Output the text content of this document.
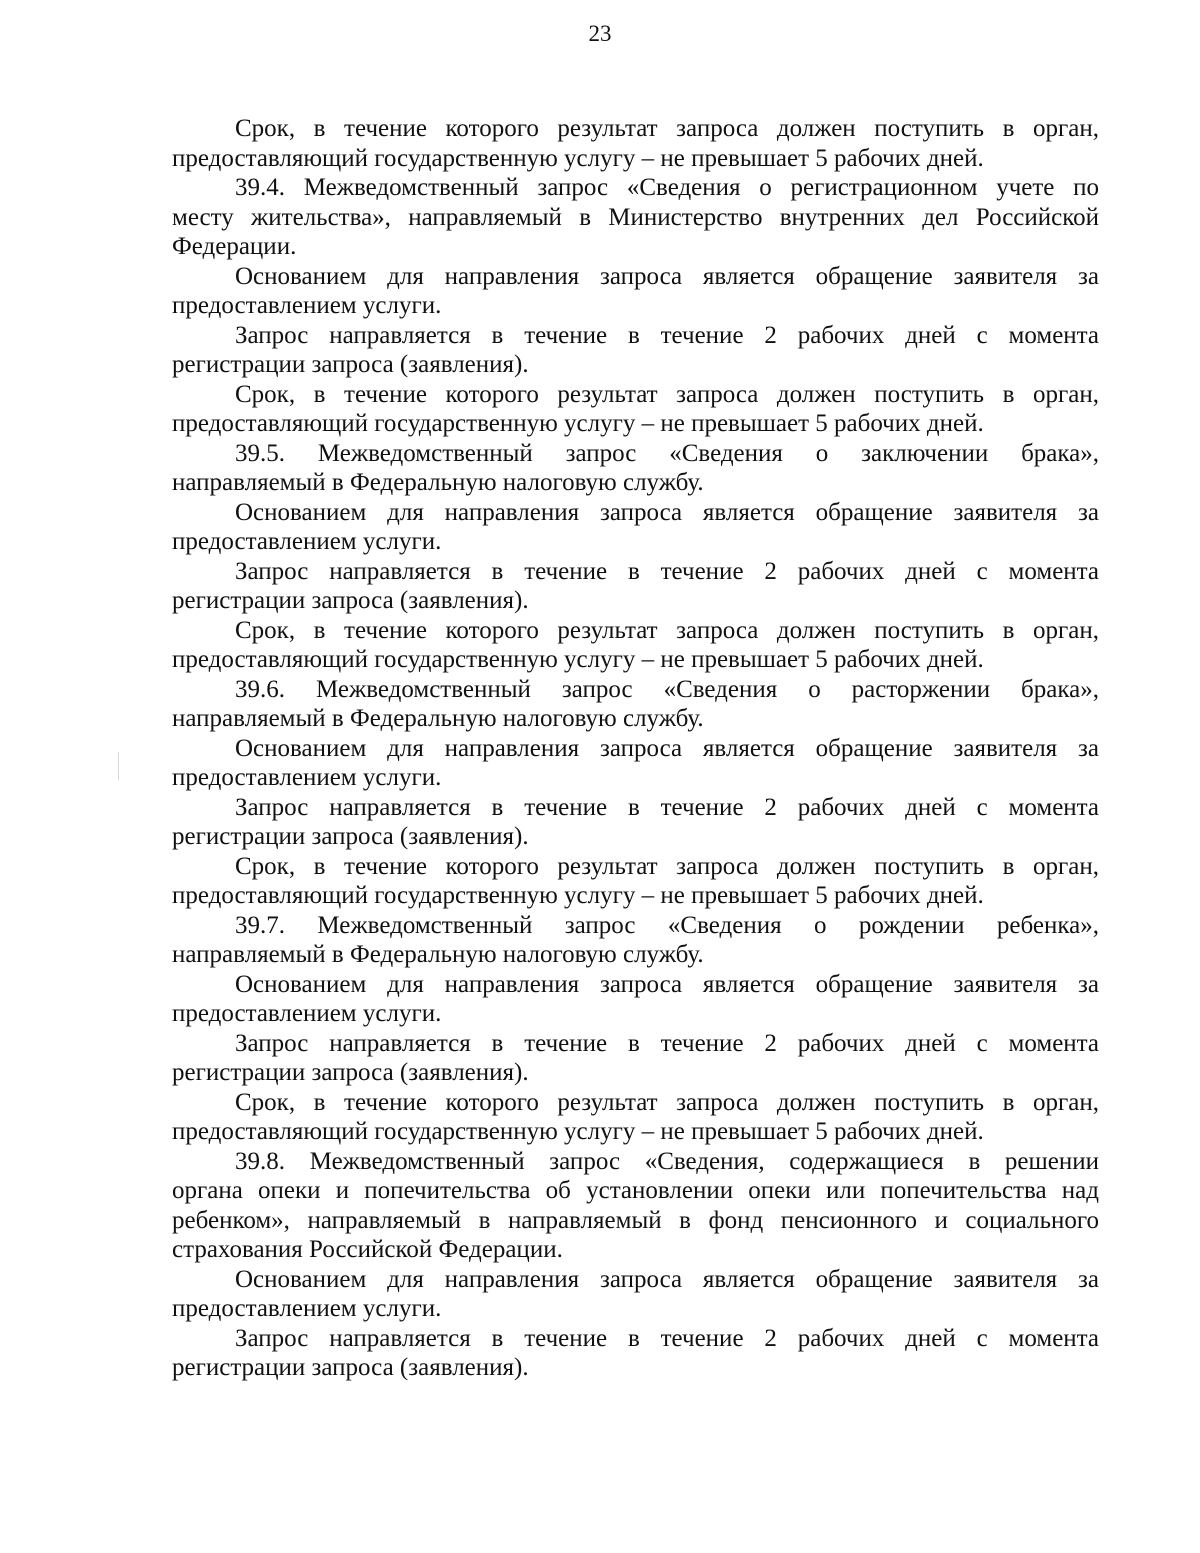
23
Срок, в течение которого результат запроса должен поступить в орган,
предоставляющий государственную услугу – не превышает 5 рабочих дней.
39.4. Межведомственный запрос «Сведения о регистрационном учете по
месту жительства», направляемый в Министерство внутренних дел Российской
Федерации.
Основанием для направления запроса является обращение заявителя за
предоставлением услуги.
Запрос направляется в течение в течение 2 рабочих дней с момента
регистрации запроса (заявления).
Срок, в течение которого результат запроса должен поступить в орган,
предоставляющий государственную услугу – не превышает 5 рабочих дней.
39.5. Межведомственный запрос «Сведения о заключении брака»,
направляемый в Федеральную налоговую службу.
Основанием для направления запроса является обращение заявителя за
предоставлением услуги.
Запрос направляется в течение в течение 2 рабочих дней с момента
регистрации запроса (заявления).
Срок, в течение которого результат запроса должен поступить в орган,
предоставляющий государственную услугу – не превышает 5 рабочих дней.
39.6. Межведомственный запрос «Сведения о расторжении брака»,
направляемый в Федеральную налоговую службу.
Основанием для направления запроса является обращение заявителя за
предоставлением услуги.
Запрос направляется в течение в течение 2 рабочих дней с момента
регистрации запроса (заявления).
Срок, в течение которого результат запроса должен поступить в орган,
предоставляющий государственную услугу – не превышает 5 рабочих дней.
39.7. Межведомственный запрос «Сведения о рождении ребенка»,
направляемый в Федеральную налоговую службу.
Основанием для направления запроса является обращение заявителя за
предоставлением услуги.
Запрос направляется в течение в течение 2 рабочих дней с момента
регистрации запроса (заявления).
Срок, в течение которого результат запроса должен поступить в орган,
предоставляющий государственную услугу – не превышает 5 рабочих дней.
39.8. Межведомственный запрос «Сведения, содержащиеся в решении
органа опеки и попечительства об установлении опеки или попечительства над
ребенком», направляемый в направляемый в фонд пенсионного и социального
страхования Российской Федерации.
Основанием для направления запроса является обращение заявителя за
предоставлением услуги.
Запрос направляется в течение в течение 2 рабочих дней с момента
регистрации запроса (заявления).
